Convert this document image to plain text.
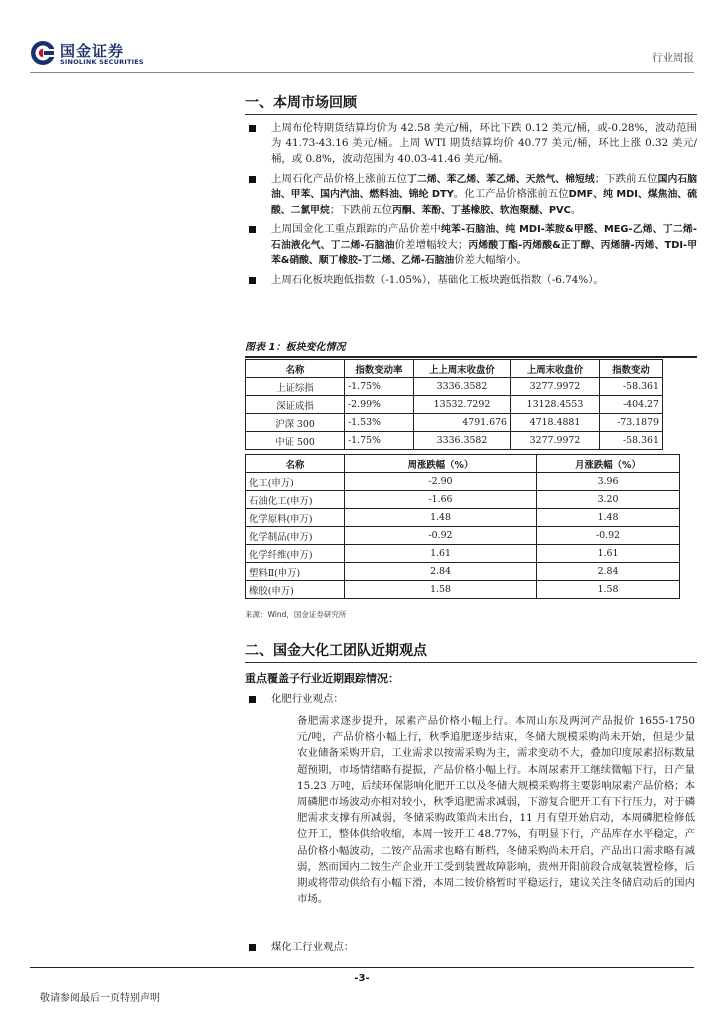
国金证券
SINOLINK SECURITIES	行业周报
一、本周市场回顾
上周布伦特期货结算均价为 42.58 美元/桶，环比下跌 0.12 美元/桶，或-0.28%，波动范围为 41.73-43.16 美元/桶。上周 WTI 期货结算均价 40.77 美元/桶，环比上涨 0.32 美元/桶，或 0.8%，波动范围为 40.03-41.46 美元/桶。
上周石化产品价格上涨前五位丁二烯、苯乙烯、苯乙烯、天然气、棉短绒；下跌前五位国内石脑油、甲苯、国内汽油、燃料油、锦纶 DTY。化工产品价格涨前五位DMF、纯 MDI、煤焦油、硫酸、二氯甲烷；下跌前五位丙酮、苯酚、丁基橡胶、软泡聚醚、PVC。
上周国金化工重点跟踪的产品价差中纯苯-石脑油、纯 MDI-苯胺&甲醛、MEG-乙烯、丁二烯-石油液化气、丁二烯-石脑油价差增幅较大；丙烯酸丁酯-丙烯酸&正丁醇、丙烯腈-丙烯、TDI-甲苯&硝酸、顺丁橡胶-丁二烯、乙烯-石脑油价差大幅缩小。
上周石化板块跑低指数（-1.05%），基础化工板块跑低指数（-6.74%）。
图表 1：板块变化情况
名称	指数变动率	上上周末收盘价	上周末收盘价	指数变动
上证综指	-1.75%	3336.3582	3277.9972	-58.361
深证成指	-2.99%	13532.7292	13128.4553	-404.27
沪深 300	-1.53%	4791.676	4718.4881	-73.1879
中证 500	-1.75%	3336.3582	3277.9972	-58.361
名称	周涨跌幅（%）	月涨跌幅（%）
化工(申万)	-2.90	3.96
石油化工(申万)	-1.66	3.20
化学原料(申万)	1.48	1.48
化学制品(申万)	-0.92	-0.92
化学纤维(申万)	1.61	1.61
塑料Ⅱ(申万)	2.84	2.84
橡胶(申万)	1.58	1.58
来源：Wind，国金证券研究所
二、国金大化工团队近期观点
重点覆盖子行业近期跟踪情况：
化肥行业观点：

备肥需求逐步提升，尿素产品价格小幅上行。本周山东及两河产品报价 1655-1750 元/吨，产品价格小幅上行，秋季追肥逐步结束，冬储大规模采购尚未开始，但是少量农业储备采购开启，工业需求以按需采购为主，需求变动不大，叠加印度尿素招标数量超预期，市场情绪略有提振，产品价格小幅上行。本周尿素开工继续微幅下行，日产量 15.23 万吨，后续环保影响化肥开工以及冬储大规模采购将主要影响尿素产品价格；本周磷肥市场波动亦相对较小，秋季追肥需求减弱，下游复合肥开工有下行压力，对于磷肥需求支撑有所减弱，冬储采购政策尚未出台，11 月有望开始启动，本周磷肥检修低位开工，整体供给收缩，本周一铵开工 48.77%，有明显下行，产品库存水平稳定，产品价格小幅波动，二铵产品需求也略有断档，冬储采购尚未开启，产品出口需求略有减弱，然而国内二铵生产企业开工受到装置故障影响，贵州开阳前段合成氨装置检修，后期或将带动供给有小幅下滑，本周二铵价格暂时平稳运行，建议关注冬储启动后的国内市场。

煤化工行业观点：
-3-
敬请参阅最后一页特别声明
